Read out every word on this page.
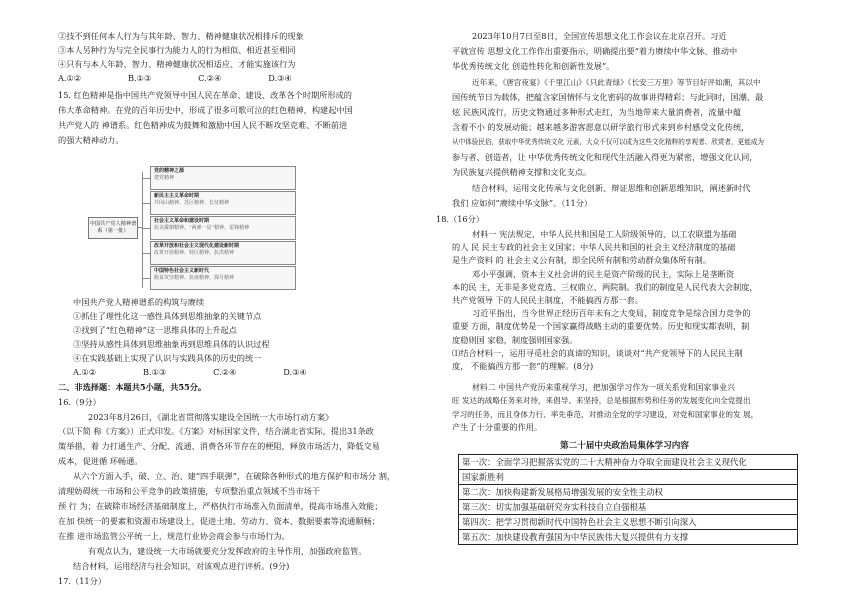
②技不到任何本人行为与其年龄、智力、精神健康状况相排斥的现象
③本人另种行为与完全民事行为能力人的行为相似、相近甚至相同
④只有与本人年龄、智力、精神健康状况相适应、才能实施该行为
A.①②                  B.①③                  C.②④                  D.③④
15. 红色精神是指中国共产党领导中国人民在革命、建设、改革各个时期所形成的
伟大革命精神。在党的百年历史中，形成了很多可歌可泣的红色精神，构建起中国
共产党人的 神谱系。红色精神成为鼓舞和激励中国人民不断攻坚克难、不断前进
的强大精神动力。
中国共产党人精神谱系（第一批）
党的精神之源
建党精神
新民主主义革命时期
井冈山精神、苏区精神、长征精神
社会主义革命和建设时期
抗美援朝精神、“两弹一星”精神、雷锋精神
改革开放和社会主义现代化建设新时期
改革开放精神、特区精神、抗洪精神
中国特色社会主义新时代
脱贫攻坚精神、抗疫精神、探月精神
中国共产党人精神谱系的构筑与赓续
①抓住了理性化这一感性具体到思维抽象的关键节点
②找到了“红色精神”这一思维具体的上升起点
③坚持从感性具体到思维抽象再到思维具体的认识过程
④在实践基础上实现了认识与实践具体的历史的统一
A.①②                  B.①③                  C.②④                  D.③④
二、非选择题：本题共5小题，共55分。
16.（9分）
2023年8月26日，《湖北省贯彻落实建设全国统一大市场行动方案》
（以下简 称《方案》）正式印发。《方案》对标国家文件，结合湖北省实际，提出31条政
策举措，着 力打通生产、分配、流通、消费各环节存在的梗阻，释放市场活力，降低交易
成本，促进循 环畅通。
从六个方面入手，破、立、治、建“四手联弹”，在破除各种形式的地方保护和市场分 割，
清理妨碍统一市场和公平竞争的政策措施，专项整治重点领域不当市场干
预 行 为；在破除市场经济基础制度上，严格执行市场准入负面清单，提高市场准入效能；
在加 快统一的要素和资源市场建设上，促进土地、劳动力、资本、数据要素等流通顺畅；
在推 进市场监管公平统一上，规范行业协会商会参与市场行为。
有观点认为，建设统一大市场就要充分发挥政府的主导作用，加强政府监管。
结合材料，运用经济与社会知识，对该观点进行评析。(9分)
17.（11分）
2023年10月7日至8日，全国宣传思想文化工作会议在北京召开。习近
平就宣传 思想文化工作作出重要指示，明确提出要“着力赓续中华文脉、推动中
华优秀传统文化 创造性转化和创新性发展”。
近年来，《唐宫夜宴》《千里江山》《只此青绿》《长安三万里》等节目好评如潮，其以中
国传统节日为载体，把蕴含家国情怀与文化密码的故事讲得精彩；与此同时，国潮、最
炫 民族风流行，历史文物通过多种形式走红，为当地带来大量消费者，流量中蕴
含着不小 的发展动能；越来越多游客愿意以研学旅行形式来到乡村感受文化传统，
从中体验民俗，获取中华优秀传统文化 元素，大众不仅可以成为这些文化精粹的享观者、欣赏者，更能成为
参与者、创造者，让 中华优秀传统文化和现代生活融入得更为紧密，增强文化认同，
为民族复兴提供精神支撑和文化支点。
结合材料，运用文化传承与文化创新、辩证思维和创新思维知识，阐述新时代
我们 应如何“赓续中华文脉”。（11分）
18.（16分）
材料一 宪法规定，中华人民共和国是工人阶级领导的、以工农联盟为基础
的人 民 民主专政的社会主义国家；中华人民共和国的社会主义经济制度的基础
是生产资料 的 社会主义公有制，即全民所有制和劳动群众集体所有制。
邓小平强调，资本主义社会讲的民主是资产阶级的民主，实际上是垄断资
本的民 主，无非是多党竞选、三权鼎立、两院制。我们的制度是人民代表大会制度，
共产党领导 下的人民民主制度，不能搞西方那一套。
习近平指出，当今世界正经历百年未有之大变局，制度竞争是综合国力竞争的
重要 方面，制度优势是一个国家赢得战略主动的重要优势。历史和现实都表明，制
度稳则国 家稳，制度强则国家强。
⑴结合材料一，运用寻觅社会的真谛的知识，谈谈对“共产党领导下的人民民主制
度， 不能搞西方那一套”的理解。(8分)
材料二 中国共产党历来重视学习，把加强学习作为一项关系党和国家事业兴
旺 发达的战略任务来对待，来倡导、来坚持，总是根据形势和任务的发展变化向全党提出
学习的任务，而且身体力行、率先垂范，对推动全党的学习建设，对党和国家事业的发 展，
产生了十分重要的作用。
第二十届中央政治局集体学习内容
第一次：全面学习把握落实党的二十大精神奋力夺取全面建设社会主义现代化
国家新胜利
第二次：加快构建新发展格局增强发展的安全性主动权
第三次：切实加强基础研究夯实科技自立自强根基
第四次：把学习贯彻新时代中国特色社会主义思想不断引向深入
第五次：加快建设教育强国为中华民族伟大复兴提供有力支撑
